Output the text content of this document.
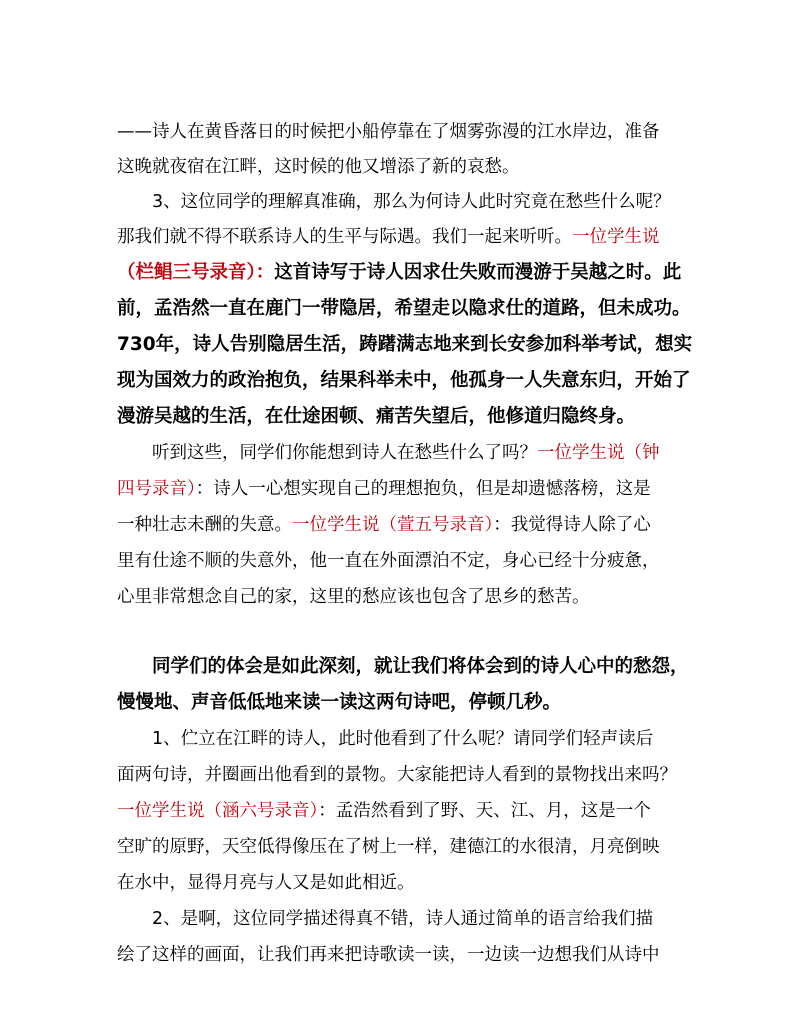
——诗人在黄昏落日的时候把小船停靠在了烟雾弥漫的江水岸边，准备
这晚就夜宿在江畔，这时候的他又增添了新的哀愁。
3、这位同学的理解真准确，那么为何诗人此时究竟在愁些什么呢？
那我们就不得不联系诗人的生平与际遇。我们一起来听听。一位学生说
（栏鲳三号录音）：这首诗写于诗人因求仕失败而漫游于吴越之时。此
前，孟浩然一直在鹿门一带隐居，希望走以隐求仕的道路，但未成功。
730年，诗人告别隐居生活，踌躇满志地来到长安参加科举考试，想实
现为国效力的政治抱负，结果科举未中，他孤身一人失意东归，开始了
漫游吴越的生活，在仕途困顿、痛苦失望后，他修道归隐终身。
听到这些，同学们你能想到诗人在愁些什么了吗？一位学生说（钟
四号录音）：诗人一心想实现自己的理想抱负，但是却遗憾落榜，这是
一种壮志未酬的失意。一位学生说（萱五号录音）：我觉得诗人除了心
里有仕途不顺的失意外，他一直在外面漂泊不定，身心已经十分疲惫，
心里非常想念自己的家，这里的愁应该也包含了思乡的愁苦。
同学们的体会是如此深刻，就让我们将体会到的诗人心中的愁怨，
慢慢地、声音低低地来读一读这两句诗吧，停顿几秒。
1、伫立在江畔的诗人，此时他看到了什么呢？请同学们轻声读后
面两句诗，并圈画出他看到的景物。大家能把诗人看到的景物找出来吗？
一位学生说（涵六号录音）：孟浩然看到了野、天、江、月，这是一个
空旷的原野，天空低得像压在了树上一样，建德江的水很清，月亮倒映
在水中，显得月亮与人又是如此相近。
2、是啊，这位同学描述得真不错，诗人通过简单的语言给我们描
绘了这样的画面，让我们再来把诗歌读一读，一边读一边想我们从诗中
